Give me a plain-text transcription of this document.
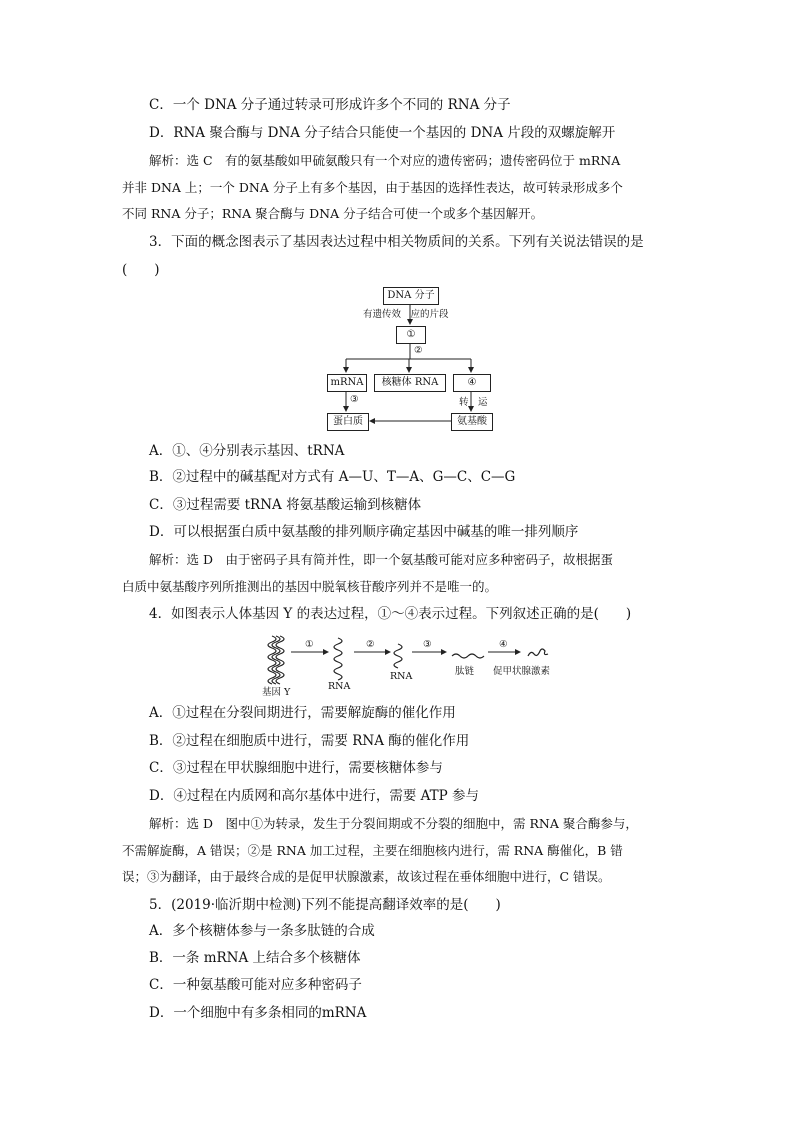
C．一个 DNA 分子通过转录可形成许多个不同的 RNA 分子
D．RNA 聚合酶与 DNA 分子结合只能使一个基因的 DNA 片段的双螺旋解开
解析：选 C　有的氨基酸如甲硫氨酸只有一个对应的遗传密码；遗传密码位于 mRNA
并非 DNA 上；一个 DNA 分子上有多个基因，由于基因的选择性表达，故可转录形成多个
不同 RNA 分子；RNA 聚合酶与 DNA 分子结合可使一个或多个基因解开。
3．下面的概念图表示了基因表达过程中相关物质间的关系。下列有关说法错误的是
(　　)
DNA 分子
有遗传效　应的片段
①
②
mRNA	核糖体 RNA	④
③	转　运
蛋白质	氨基酸
A．①、④分别表示基因、tRNA
B．②过程中的碱基配对方式有 A—U、T—A、G—C、C—G
C．③过程需要 tRNA 将氨基酸运输到核糖体
D．可以根据蛋白质中氨基酸的排列顺序确定基因中碱基的唯一排列顺序
解析：选 D　由于密码子具有简并性，即一个氨基酸可能对应多种密码子，故根据蛋
白质中氨基酸序列所推测出的基因中脱氧核苷酸序列并不是唯一的。
4．如图表示人体基因 Y 的表达过程，①～④表示过程。下列叙述正确的是(　　)
①	②	③	④
基因 Y
RNA
RNA	肽链 促甲状腺激素
A．①过程在分裂间期进行，需要解旋酶的催化作用
B．②过程在细胞质中进行，需要 RNA 酶的催化作用
C．③过程在甲状腺细胞中进行，需要核糖体参与
D．④过程在内质网和高尔基体中进行，需要 ATP 参与
解析：选 D　图中①为转录，发生于分裂间期或不分裂的细胞中，需 RNA 聚合酶参与，
不需解旋酶，A 错误；②是 RNA 加工过程，主要在细胞核内进行，需 RNA 酶催化，B 错
误；③为翻译，由于最终合成的是促甲状腺激素，故该过程在垂体细胞中进行，C 错误。
5．(2019·临沂期中检测)下列不能提高翻译效率的是(　　)
A．多个核糖体参与一条多肽链的合成
B．一条 mRNA 上结合多个核糖体
C．一种氨基酸可能对应多种密码子
D．一个细胞中有多条相同的mRNA
